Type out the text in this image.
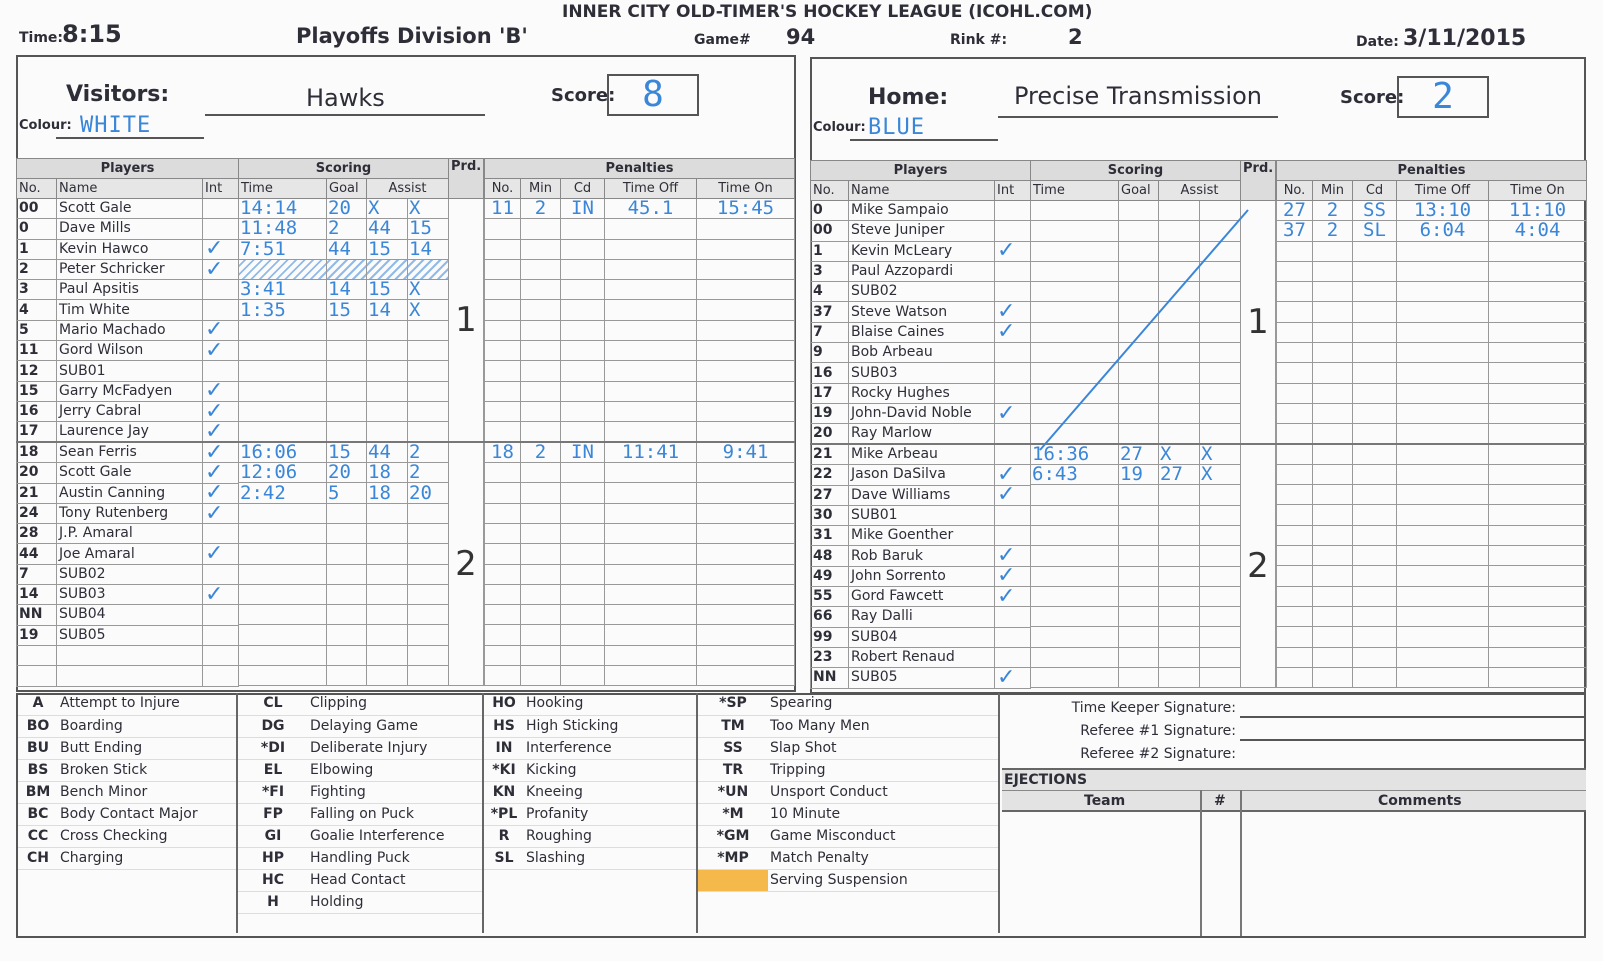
INNER CITY OLD-TIMER'S HOCKEY LEAGUE (ICOHL.COM)
Time:
8:15	Playoffs Division 'B'	Game# 94	Rink #:	2	Date: 3/11/2015
Visitors:	Hawks	Score: 8
Colour: WHITE
Players		
No.	Name	Int
00	Scott Gale	
0	Dave Mills	
1	Kevin Hawco	✓
2	Peter Schricker	✓
3	Paul Apsitis	
4	Tim White	
5	Mario Machado	✓
11	Gord Wilson	✓
12	SUB01	
15	Garry McFadyen	✓
16	Jerry Cabral	✓
17	Laurence Jay	✓
18	Sean Ferris	✓
20	Scott Gale	✓
21	Austin Canning	✓
24	Tony Rutenberg	✓
28	J.P. Amaral	
44	Joe Amaral	✓
7	SUB02	
14	SUB03	✓
NN	SUB04	
19	SUB05	

Scoring			
Time	Goal	Assist	
14:14	20	X	X
11:48	2	44	15
7:51	44	15	14

3:41	14	15	X
1:35	15	14	X

16:06	15	44	2
12:06	20	18	2
2:42	5	18	20

Prd.
1
2
Penalties				
No.	Min	Cd	Time Off	Time On
11	2	IN	45.1	15:45

18	2	IN	11:41	9:41

Home:	Precise Transmission	Score: 2
Colour: BLUE
Players		
No.	Name	Int
0	Mike Sampaio	
00	Steve Juniper	
1	Kevin McLeary	✓
3	Paul Azzopardi	
4	SUB02	
37	Steve Watson	✓
7	Blaise Caines	✓
9	Bob Arbeau	
16	SUB03	
17	Rocky Hughes	
19	John-David Noble	✓
20	Ray Marlow	
21	Mike Arbeau	
22	Jason DaSilva	✓
27	Dave Williams	✓
30	SUB01	
31	Mike Goenther	
48	Rob Baruk	✓
49	John Sorrento	✓
55	Gord Fawcett	✓
66	Ray Dalli	
99	SUB04	
23	Robert Renaud	
NN	SUB05	✓
Scoring			
Time	Goal	Assist	

16:36	27	X	X
6:43	19	27	X

Prd.
1
2
Penalties				
No.	Min	Cd	Time Off	Time On
27	2	SS	13:10	11:10
37	2	SL	6:04	4:04

A	Attempt to Injure
BO	Boarding
BU	Butt Ending
BS	Broken Stick
BM	Bench Minor
BC	Body Contact Major
CC	Cross Checking
CH	Charging
CL	Clipping
DG	Delaying Game
*DI	Deliberate Injury
EL	Elbowing
*FI	Fighting
FP	Falling on Puck
GI	Goalie Interference
HP	Handling Puck
HC	Head Contact
H	Holding
HO	Hooking
HS	High Sticking
IN	Interference
*KI	Kicking
KN	Kneeing
*PL	Profanity
R	Roughing
SL	Slashing
*SP	Spearing
TM	Too Many Men
SS	Slap Shot
TR	Tripping
*UN	Unsport Conduct
*M	10 Minute
*GM	Game Misconduct
*MP	Match Penalty
	Serving Suspension
Time Keeper Signature:
Referee #1 Signature:
Referee #2 Signature:
EJECTIONS
Team	#	Comments
